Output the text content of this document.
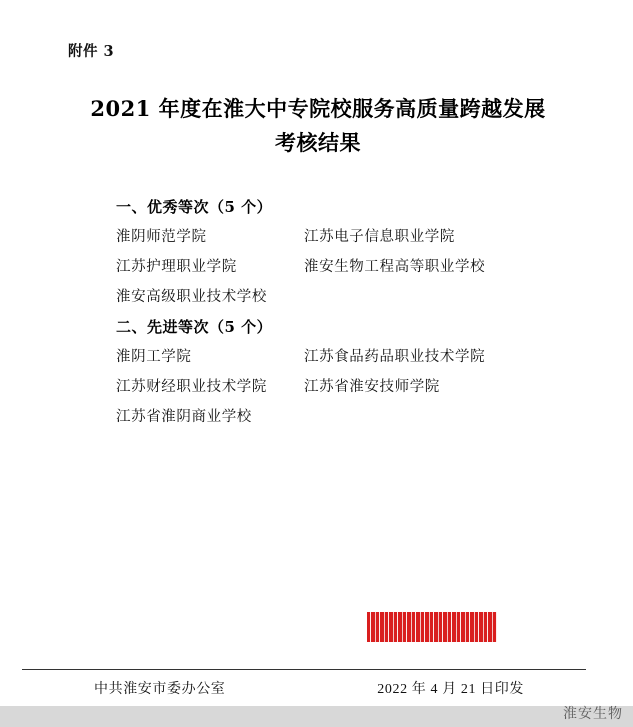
附件 3
2021 年度在淮大中专院校服务高质量跨越发展
考核结果
一、优秀等次（5 个）
淮阴师范学院	江苏电子信息职业学院
江苏护理职业学院	淮安生物工程高等职业学校
淮安高级职业技术学校
二、先进等次（5 个）
淮阴工学院	江苏食品药品职业技术学院
江苏财经职业技术学院	江苏省淮安技师学院
江苏省淮阴商业学校
中共淮安市委办公室	2022 年 4 月 21 日印发
淮安生物
